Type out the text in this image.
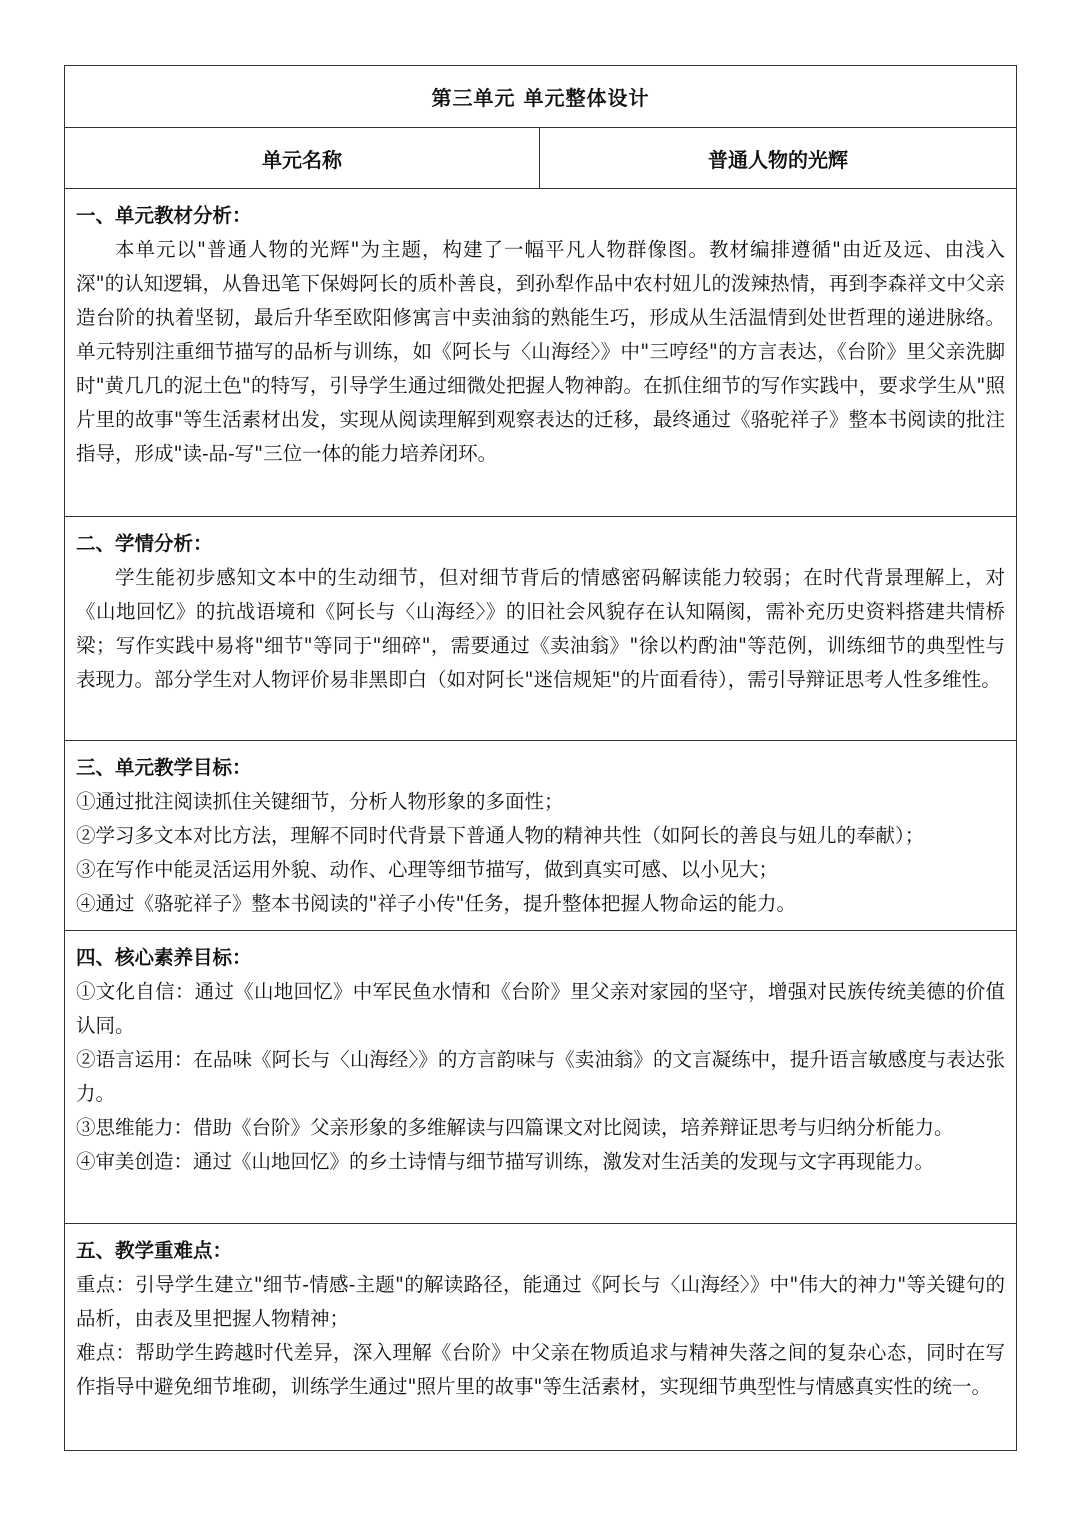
第三单元 单元整体设计
单元名称	普通人物的光辉
一、单元教材分析：
本单元以"普通人物的光辉"为主题，构建了一幅平凡人物群像图。教材编排遵循"由近及远、由浅入深"的认知逻辑，从鲁迅笔下保姆阿长的质朴善良，到孙犁作品中农村妞儿的泼辣热情，再到李森祥文中父亲造台阶的执着坚韧，最后升华至欧阳修寓言中卖油翁的熟能生巧，形成从生活温情到处世哲理的递进脉络。单元特别注重细节描写的品析与训练，如《阿长与〈山海经〉》中"三哼经"的方言表达，《台阶》里父亲洗脚时"黄几几的泥土色"的特写，引导学生通过细微处把握人物神韵。在抓住细节的写作实践中，要求学生从"照片里的故事"等生活素材出发，实现从阅读理解到观察表达的迁移，最终通过《骆驼祥子》整本书阅读的批注指导，形成"读-品-写"三位一体的能力培养闭环。
二、学情分析：
学生能初步感知文本中的生动细节，但对细节背后的情感密码解读能力较弱；在时代背景理解上，对《山地回忆》的抗战语境和《阿长与〈山海经〉》的旧社会风貌存在认知隔阂，需补充历史资料搭建共情桥梁；写作实践中易将"细节"等同于"细碎"，需要通过《卖油翁》"徐以杓酌油"等范例，训练细节的典型性与表现力。部分学生对人物评价易非黑即白（如对阿长"迷信规矩"的片面看待），需引导辩证思考人性多维性。
三、单元教学目标：
①通过批注阅读抓住关键细节，分析人物形象的多面性；
②学习多文本对比方法，理解不同时代背景下普通人物的精神共性（如阿长的善良与妞儿的奉献）；
③在写作中能灵活运用外貌、动作、心理等细节描写，做到真实可感、以小见大；
④通过《骆驼祥子》整本书阅读的"祥子小传"任务，提升整体把握人物命运的能力。
四、核心素养目标：
①文化自信：通过《山地回忆》中军民鱼水情和《台阶》里父亲对家园的坚守，增强对民族传统美德的价值认同。
②语言运用：在品味《阿长与〈山海经〉》的方言韵味与《卖油翁》的文言凝练中，提升语言敏感度与表达张力。
③思维能力：借助《台阶》父亲形象的多维解读与四篇课文对比阅读，培养辩证思考与归纳分析能力。
④审美创造：通过《山地回忆》的乡土诗情与细节描写训练，激发对生活美的发现与文字再现能力。
五、教学重难点：
重点：引导学生建立"细节-情感-主题"的解读路径，能通过《阿长与〈山海经〉》中"伟大的神力"等关键句的品析，由表及里把握人物精神；
难点：帮助学生跨越时代差异，深入理解《台阶》中父亲在物质追求与精神失落之间的复杂心态，同时在写作指导中避免细节堆砌，训练学生通过"照片里的故事"等生活素材，实现细节典型性与情感真实性的统一。
